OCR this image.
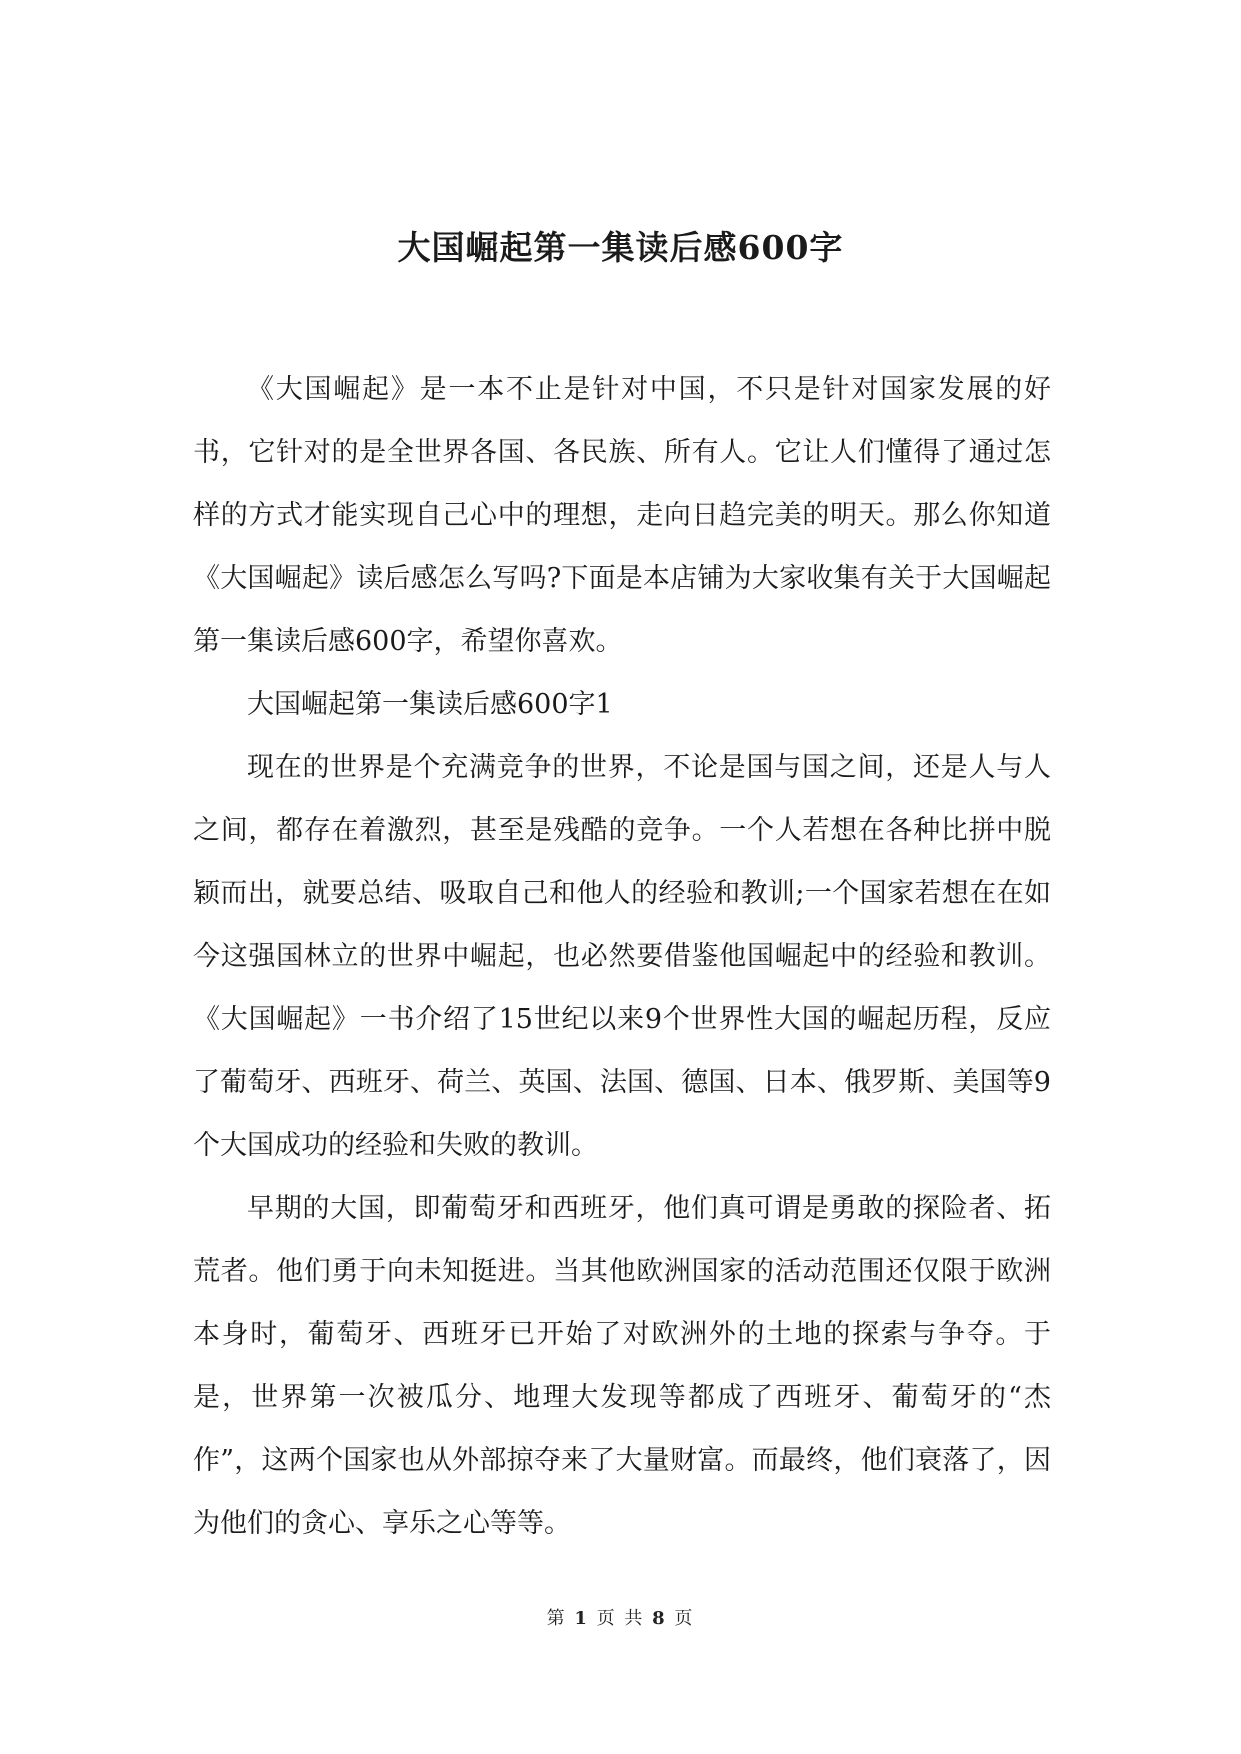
大国崛起第一集读后感600字

《大国崛起》是一本不止是针对中国，不只是针对国家发展的好书，它针对的是全世界各国、各民族、所有人。它让人们懂得了通过怎样的方式才能实现自己心中的理想，走向日趋完美的明天。那么你知道《大国崛起》读后感怎么写吗?下面是本店铺为大家收集有关于大国崛起第一集读后感600字，希望你喜欢。

大国崛起第一集读后感600字1

现在的世界是个充满竞争的世界，不论是国与国之间，还是人与人之间，都存在着激烈，甚至是残酷的竞争。一个人若想在各种比拼中脱颖而出，就要总结、吸取自己和他人的经验和教训;一个国家若想在在如今这强国林立的世界中崛起，也必然要借鉴他国崛起中的经验和教训。《大国崛起》一书介绍了15世纪以来9个世界性大国的崛起历程，反应了葡萄牙、西班牙、荷兰、英国、法国、德国、日本、俄罗斯、美国等9个大国成功的经验和失败的教训。

早期的大国，即葡萄牙和西班牙，他们真可谓是勇敢的探险者、拓荒者。他们勇于向未知挺进。当其他欧洲国家的活动范围还仅限于欧洲本身时，葡萄牙、西班牙已开始了对欧洲外的土地的探索与争夺。于是，世界第一次被瓜分、地理大发现等都成了西班牙、葡萄牙的“杰作”，这两个国家也从外部掠夺来了大量财富。而最终，他们衰落了，因为他们的贪心、享乐之心等等。

第 1 页 共 8 页
